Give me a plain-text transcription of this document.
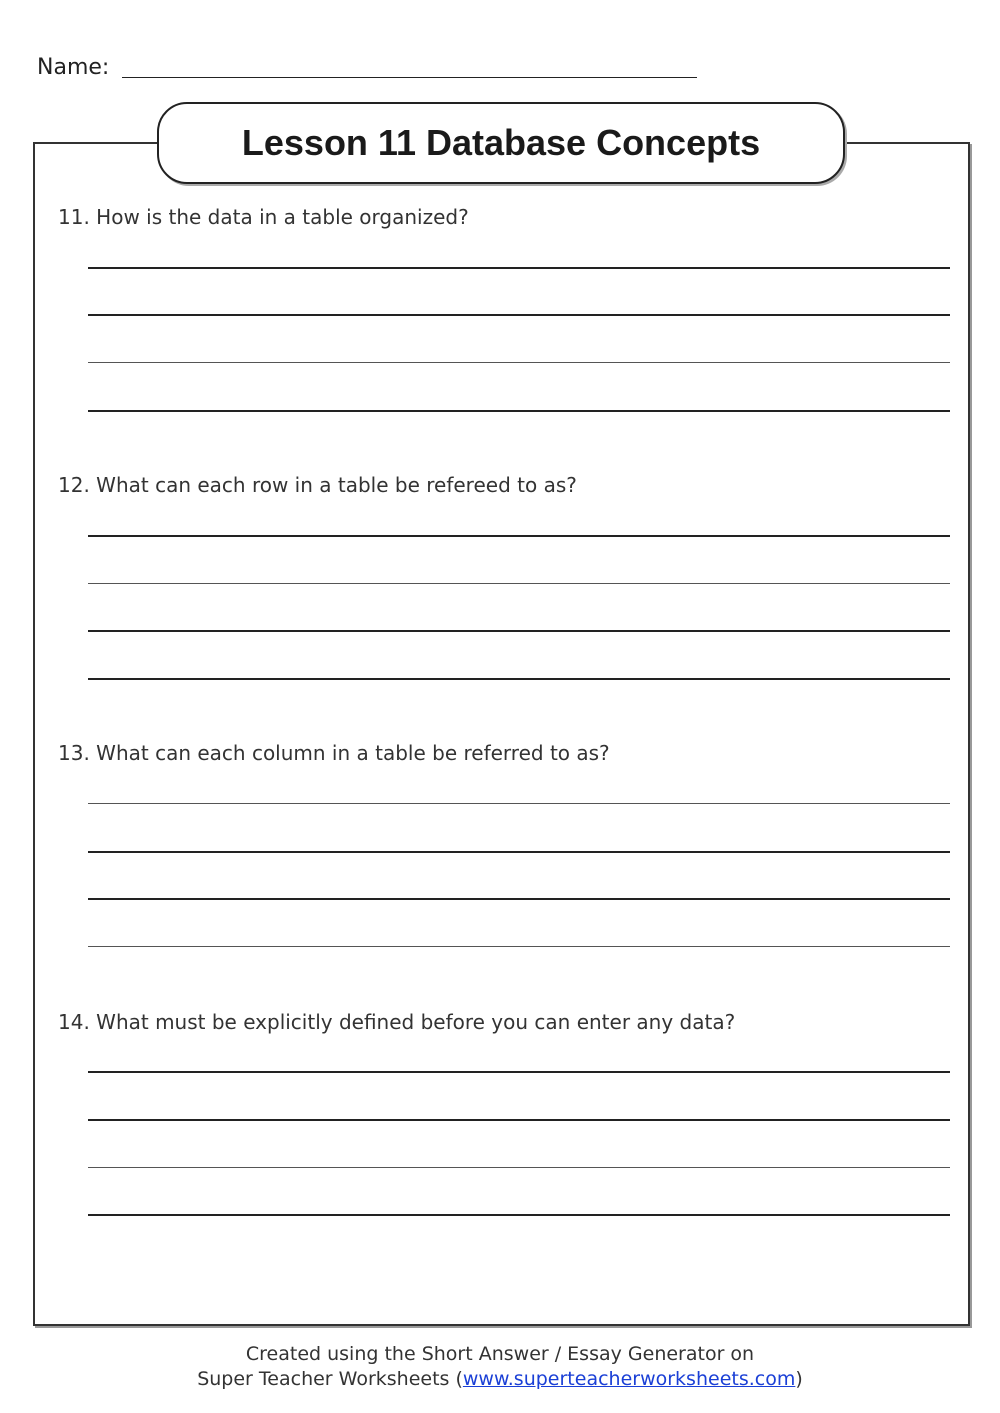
Name:
Lesson 11 Database Concepts
11. How is the data in a table organized?
12. What can each row in a table be refereed to as?
13. What can each column in a table be referred to as?
14. What must be explicitly defined before you can enter any data?
Created using the Short Answer / Essay Generator on
Super Teacher Worksheets (www.superteacherworksheets.com)
